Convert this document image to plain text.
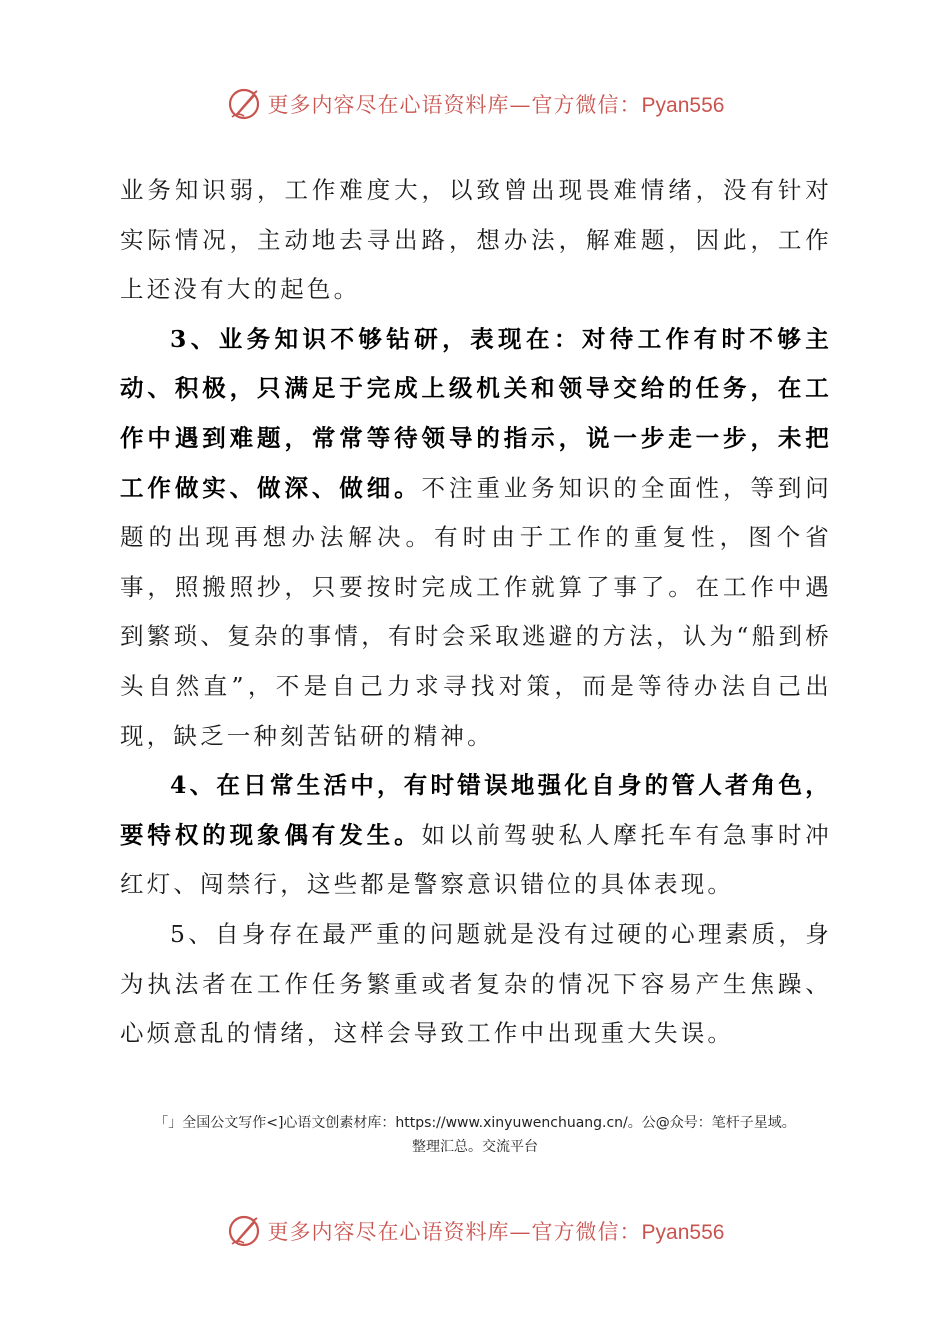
更多内容尽在心语资料库—官方微信：Pyan556

业务知识弱，工作难度大，以致曾出现畏难情绪，没有针对实际情况，主动地去寻出路，想办法，解难题，因此，工作上还没有大的起色。

3、业务知识不够钻研，表现在：对待工作有时不够主动、积极，只满足于完成上级机关和领导交给的任务，在工作中遇到难题，常常等待领导的指示，说一步走一步，未把工作做实、做深、做细。不注重业务知识的全面性，等到问题的出现再想办法解决。有时由于工作的重复性，图个省事，照搬照抄，只要按时完成工作就算了事了。在工作中遇到繁琐、复杂的事情，有时会采取逃避的方法，认为“船到桥头自然直”，不是自己力求寻找对策，而是等待办法自己出现，缺乏一种刻苦钻研的精神。

4、在日常生活中，有时错误地强化自身的管人者角色，要特权的现象偶有发生。如以前驾驶私人摩托车有急事时冲红灯、闯禁行，这些都是警察意识错位的具体表现。

5、自身存在最严重的问题就是没有过硬的心理素质，身为执法者在工作任务繁重或者复杂的情况下容易产生焦躁、心烦意乱的情绪，这样会导致工作中出现重大失误。

「」全国公文写作<]心语文创素材库：https://www.xinyuwenchuang.cn/。公@众号：笔杆子星域。
整理汇总。交流平台
更多内容尽在心语资料库—官方微信：Pyan556
